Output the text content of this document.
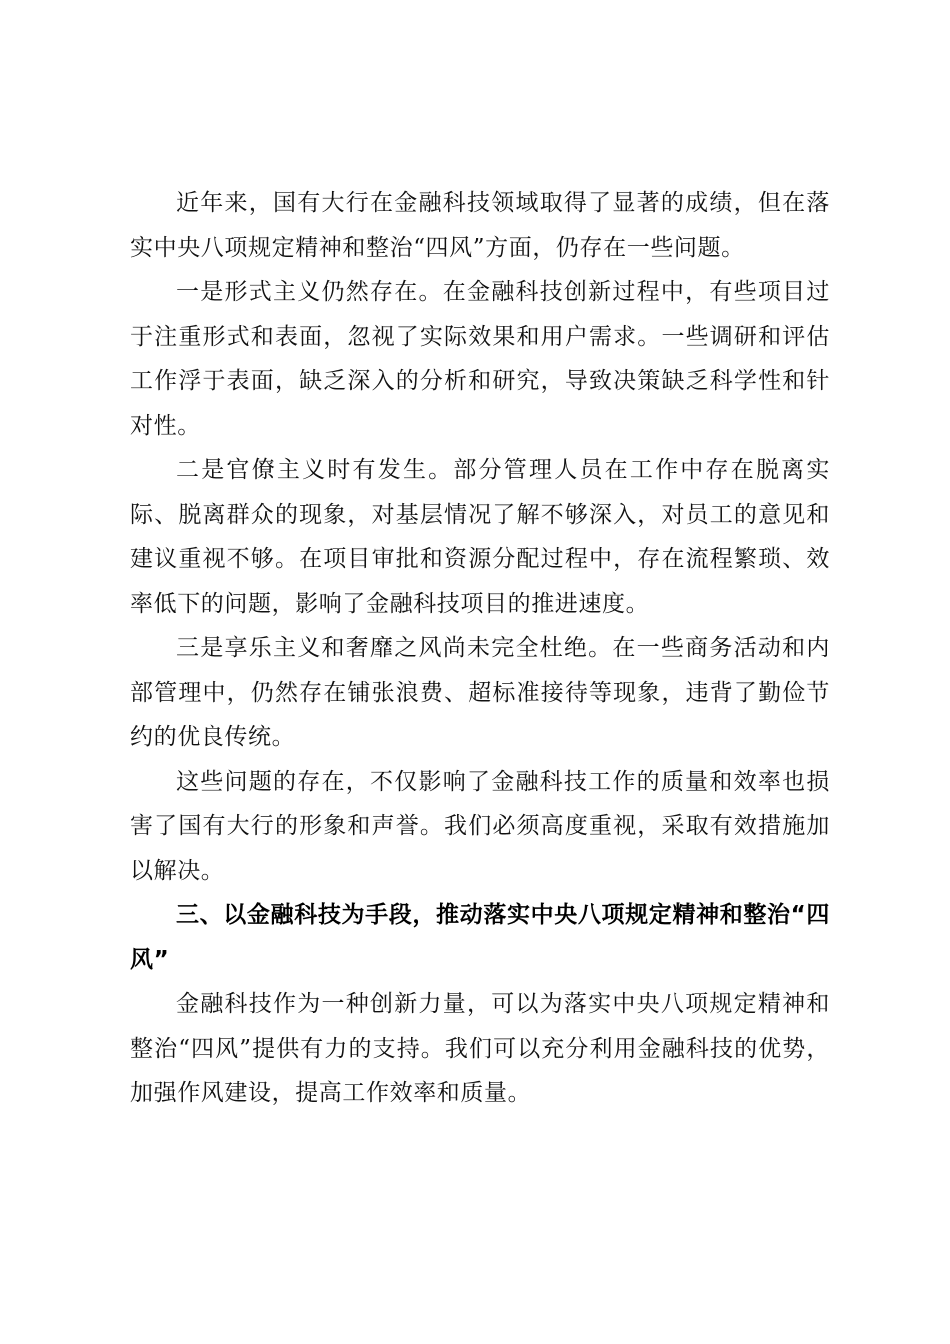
近年来，国有大行在金融科技领域取得了显著的成绩，但在落实中央八项规定精神和整治“四风”方面，仍存在一些问题。

一是形式主义仍然存在。在金融科技创新过程中，有些项目过于注重形式和表面，忽视了实际效果和用户需求。一些调研和评估工作浮于表面，缺乏深入的分析和研究，导致决策缺乏科学性和针对性。

二是官僚主义时有发生。部分管理人员在工作中存在脱离实际、脱离群众的现象，对基层情况了解不够深入，对员工的意见和建议重视不够。在项目审批和资源分配过程中，存在流程繁琐、效率低下的问题，影响了金融科技项目的推进速度。

三是享乐主义和奢靡之风尚未完全杜绝。在一些商务活动和内部管理中，仍然存在铺张浪费、超标准接待等现象，违背了勤俭节约的优良传统。

这些问题的存在，不仅影响了金融科技工作的质量和效率也损害了国有大行的形象和声誉。我们必须高度重视，采取有效措施加以解决。

三、以金融科技为手段，推动落实中央八项规定精神和整治“四风”

金融科技作为一种创新力量，可以为落实中央八项规定精神和整治“四风”提供有力的支持。我们可以充分利用金融科技的优势，加强作风建设，提高工作效率和质量。
